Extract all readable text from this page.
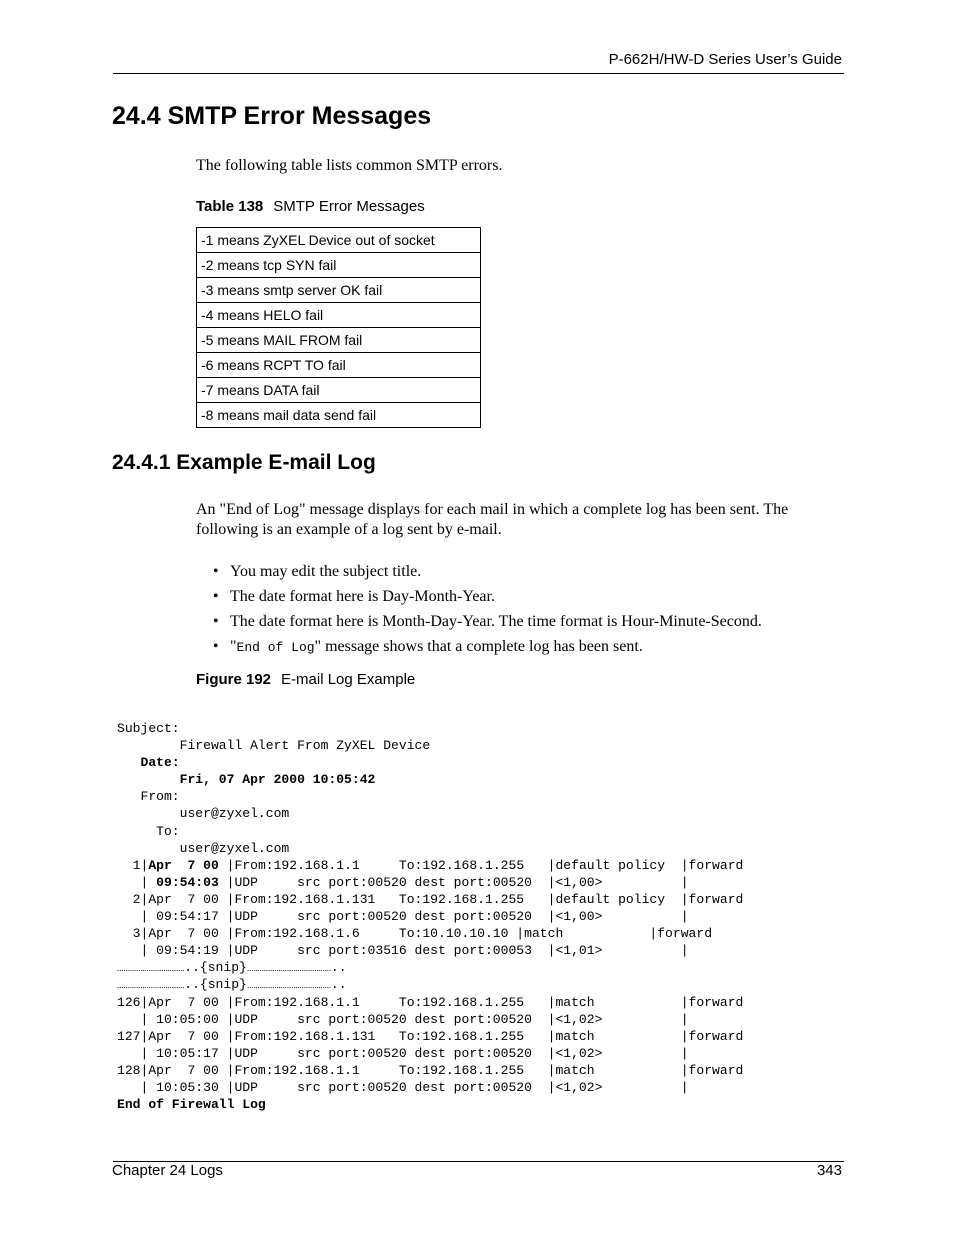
P-662H/HW-D Series User’s Guide
24.4 SMTP Error Messages
The following table lists common SMTP errors.
Table 138 SMTP Error Messages
-1 means ZyXEL Device out of socket
-2 means tcp SYN fail
-3 means smtp server OK fail
-4 means HELO fail
-5 means MAIL FROM fail
-6 means RCPT TO fail
-7 means DATA fail
-8 means mail data send fail
24.4.1 Example E-mail Log
An "End of Log" message displays for each mail in which a complete log has been sent. The following is an example of a log sent by e-mail.
• You may edit the subject title.
• The date format here is Day-Month-Year.
• The date format here is Month-Day-Year. The time format is Hour-Minute-Second.
• "End of Log" message shows that a complete log has been sent.
Figure 192 E-mail Log Example
Subject:
Firewall Alert From ZyXEL Device
Date:
Fri, 07 Apr 2000 10:05:42
From:
user@zyxel.com
To:
user@zyxel.com
1|Apr  7 00 |From:192.168.1.1     To:192.168.1.255   |default policy  |forward
| 09:54:03 |UDP     src port:00520 dest port:00520  |<1,00>          |
2|Apr  7 00 |From:192.168.1.131   To:192.168.1.255   |default policy  |forward
| 09:54:17 |UDP     src port:00520 dest port:00520  |<1,00>          |
3|Apr  7 00 |From:192.168.1.6     To:10.10.10.10 |match           |forward
| 09:54:19 |UDP     src port:03516 dest port:00053  |<1,01>          |
..................................{snip}..........................................
..................................{snip}..........................................
126|Apr  7 00 |From:192.168.1.1     To:192.168.1.255   |match           |forward
| 10:05:00 |UDP     src port:00520 dest port:00520  |<1,02>          |
127|Apr  7 00 |From:192.168.1.131   To:192.168.1.255   |match           |forward
| 10:05:17 |UDP     src port:00520 dest port:00520  |<1,02>          |
128|Apr  7 00 |From:192.168.1.1     To:192.168.1.255   |match           |forward
| 10:05:30 |UDP     src port:00520 dest port:00520  |<1,02>          |
End of Firewall Log
Chapter 24 Logs	343
